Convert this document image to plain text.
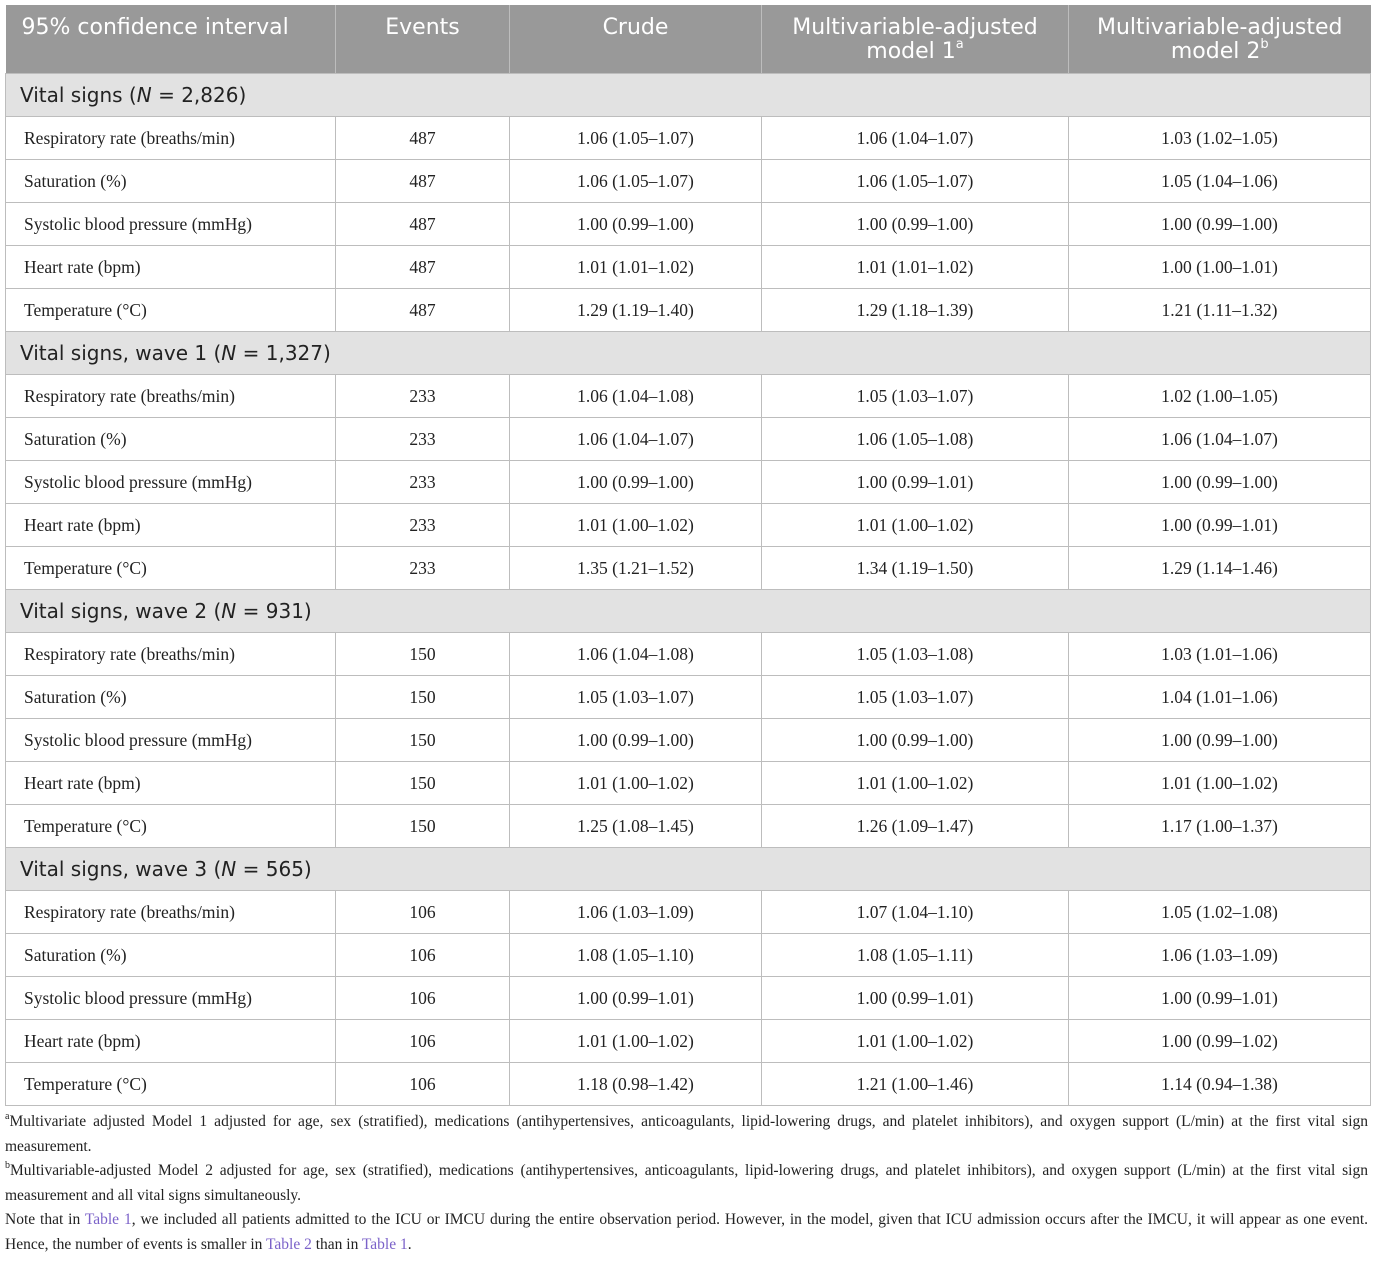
95% confidence interval	Events	Crude	Multivariable-adjusted model 1$^a$	Multivariable-adjusted model 2$^b$
Vital signs (N = 2,826)				
Respiratory rate (breaths/min)	487	1.06 (1.05–1.07)	1.06 (1.04–1.07)	1.03 (1.02–1.05)
Saturation (%)	487	1.06 (1.05–1.07)	1.06 (1.05–1.07)	1.05 (1.04–1.06)
Systolic blood pressure (mmHg)	487	1.00 (0.99–1.00)	1.00 (0.99–1.00)	1.00 (0.99–1.00)
Heart rate (bpm)	487	1.01 (1.01–1.02)	1.01 (1.01–1.02)	1.00 (1.00–1.01)
Temperature (°C)	487	1.29 (1.19–1.40)	1.29 (1.18–1.39)	1.21 (1.11–1.32)
Vital signs, wave 1 (N = 1,327)				
Respiratory rate (breaths/min)	233	1.06 (1.04–1.08)	1.05 (1.03–1.07)	1.02 (1.00–1.05)
Saturation (%)	233	1.06 (1.04–1.07)	1.06 (1.05–1.08)	1.06 (1.04–1.07)
Systolic blood pressure (mmHg)	233	1.00 (0.99–1.00)	1.00 (0.99–1.01)	1.00 (0.99–1.00)
Heart rate (bpm)	233	1.01 (1.00–1.02)	1.01 (1.00–1.02)	1.00 (0.99–1.01)
Temperature (°C)	233	1.35 (1.21–1.52)	1.34 (1.19–1.50)	1.29 (1.14–1.46)
Vital signs, wave 2 (N = 931)				
Respiratory rate (breaths/min)	150	1.06 (1.04–1.08)	1.05 (1.03–1.08)	1.03 (1.01–1.06)
Saturation (%)	150	1.05 (1.03–1.07)	1.05 (1.03–1.07)	1.04 (1.01–1.06)
Systolic blood pressure (mmHg)	150	1.00 (0.99–1.00)	1.00 (0.99–1.00)	1.00 (0.99–1.00)
Heart rate (bpm)	150	1.01 (1.00–1.02)	1.01 (1.00–1.02)	1.01 (1.00–1.02)
Temperature (°C)	150	1.25 (1.08–1.45)	1.26 (1.09–1.47)	1.17 (1.00–1.37)
Vital signs, wave 3 (N = 565)				
Respiratory rate (breaths/min)	106	1.06 (1.03–1.09)	1.07 (1.04–1.10)	1.05 (1.02–1.08)
Saturation (%)	106	1.08 (1.05–1.10)	1.08 (1.05–1.11)	1.06 (1.03–1.09)
Systolic blood pressure (mmHg)	106	1.00 (0.99–1.01)	1.00 (0.99–1.01)	1.00 (0.99–1.01)
Heart rate (bpm)	106	1.01 (1.00–1.02)	1.01 (1.00–1.02)	1.00 (0.99–1.02)
Temperature (°C)	106	1.18 (0.98–1.42)	1.21 (1.00–1.46)	1.14 (0.94–1.38)

$^a$Multivariate adjusted Model 1 adjusted for age, sex (stratified), medications (antihypertensives, anticoagulants, lipid-lowering drugs, and platelet inhibitors), and oxygen support (L/min) at the first vital sign measurement.

$^b$Multivariable-adjusted Model 2 adjusted for age, sex (stratified), medications (antihypertensives, anticoagulants, lipid-lowering drugs, and platelet inhibitors), and oxygen support (L/min) at the first vital sign measurement and all vital signs simultaneously.

Note that in Table 1, we included all patients admitted to the ICU or IMCU during the entire observation period. However, in the model, given that ICU admission occurs after the IMCU, it will appear as one event. Hence, the number of events is smaller in Table 2 than in Table 1.
